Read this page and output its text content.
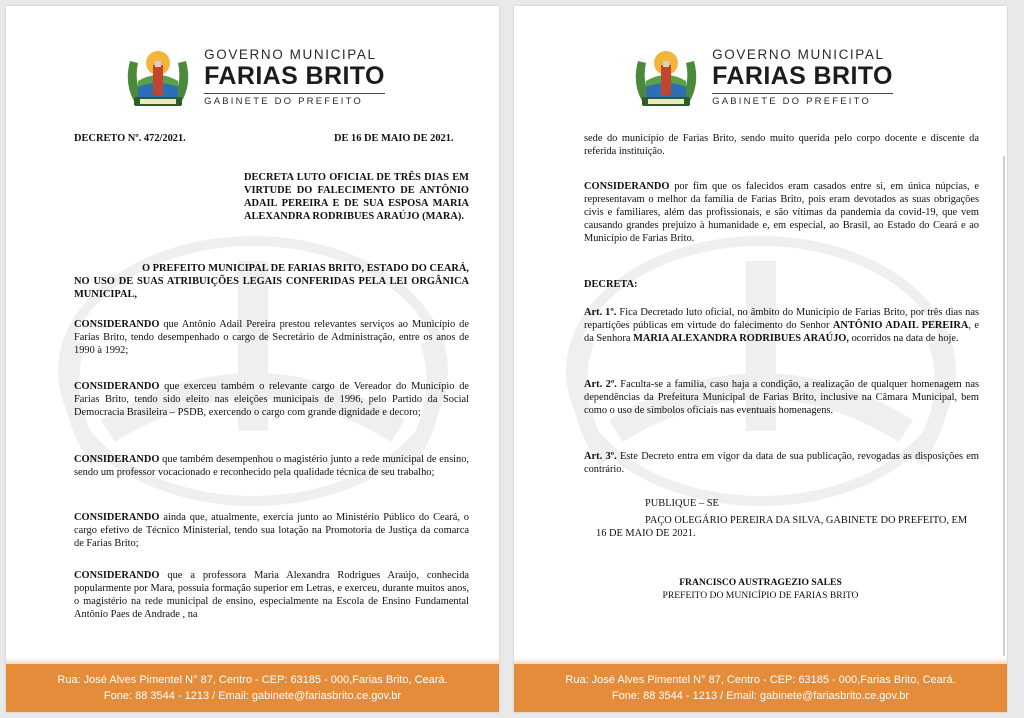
GOVERNO MUNICIPAL
FARIAS BRITO
GABINETE DO PREFEITO

DECRETO Nº. 472/2021.	DE 16 DE MAIO DE 2021.

DECRETA LUTO OFICIAL DE TRÊS DIAS EM VIRTUDE DO FALECIMENTO DE ANTÔNIO ADAIL PEREIRA E DE SUA ESPOSA MARIA ALEXANDRA RODRIBUES ARAÚJO (MARA).

O PREFEITO MUNICIPAL DE FARIAS BRITO, ESTADO DO CEARÁ, NO USO DE SUAS ATRIBUIÇÕES LEGAIS CONFERIDAS PELA LEI ORGÂNICA MUNICIPAL,

CONSIDERANDO que Antônio Adail Pereira prestou relevantes serviços ao Município de Farias Brito, tendo desempenhado o cargo de Secretário de Administração, entre os anos de 1990 à 1992;

CONSIDERANDO que exerceu também o relevante cargo de Vereador do Município de Farias Brito, tendo sido eleito nas eleições municipais de 1996, pelo Partido da Social Democracia Brasileira – PSDB, exercendo o cargo com grande dignidade e decoro;

CONSIDERANDO que também desempenhou o magistério junto a rede municipal de ensino, sendo um professor vocacionado e reconhecido pela qualidade técnica de seu trabalho;

CONSIDERANDO ainda que, atualmente, exercia junto ao Ministério Público do Ceará, o cargo efetivo de Técnico Ministerial, tendo sua lotação na Promotoria de Justiça da comarca de Farias Brito;

CONSIDERANDO que a professora Maria Alexandra Rodrigues Araújo, conhecida popularmente por Mara, possuia formação superior em Letras, e exerceu, durante muitos anos, o magistério na rede municipal de ensino, especialmente na Escola de Ensino Fundamental Antônio Paes de Andrade , na

Rua: José Alves Pimentel N° 87, Centro - CEP: 63185 - 000,Farias Brito, Ceará.
Fone: 88 3544 - 1213 / Email: gabinete@fariasbrito.ce.gov.br
GOVERNO MUNICIPAL
FARIAS BRITO
GABINETE DO PREFEITO

sede do município de Farias Brito, sendo muito querida pelo corpo docente e discente da referida instituição.

CONSIDERANDO por fim que os falecidos eram casados entre si, em única núpcias, e representavam o melhor da família de Farias Brito, pois eram devotados as suas obrigações civis e familiares, além das profissionais, e são vítimas da pandemia da covid-19, que vem causando grandes prejuizo à humanidade e, em especial, ao Brasil, ao Estado do Ceará e ao Município de Farias Brito.

DECRETA:

Art. 1º. Fica Decretado luto oficial, no âmbito do Município de Farias Brito, por três dias nas repartições públicas em virtude do falecimento do Senhor ANTÔNIO ADAIL PEREIRA, e da Senhora MARIA ALEXANDRA RODRIBUES ARAÚJO, ocorridos na data de hoje.

Art. 2º. Faculta-se a família, caso haja a condição, a realização de qualquer homenagem nas dependências da Prefeitura Municipal de Farias Brito, inclusive na Câmara Municipal, bem como o uso de símbolos oficiais nas eventuais homenagens.

Art. 3º. Este Decreto entra em vigor da data de sua publicação, revogadas as disposições em contrário.

PUBLIQUE – SE

PAÇO OLEGÁRIO PEREIRA DA SILVA, GABINETE DO PREFEITO, EM 16 DE MAIO DE 2021.

FRANCISCO AUSTRAGEZIO SALES

PREFEITO DO MUNICÍPIO DE FARIAS BRITO

Rua: José Alves Pimentel N° 87, Centro - CEP: 63185 - 000,Farias Brito, Ceará.
Fone: 88 3544 - 1213 / Email: gabinete@fariasbrito.ce.gov.br
